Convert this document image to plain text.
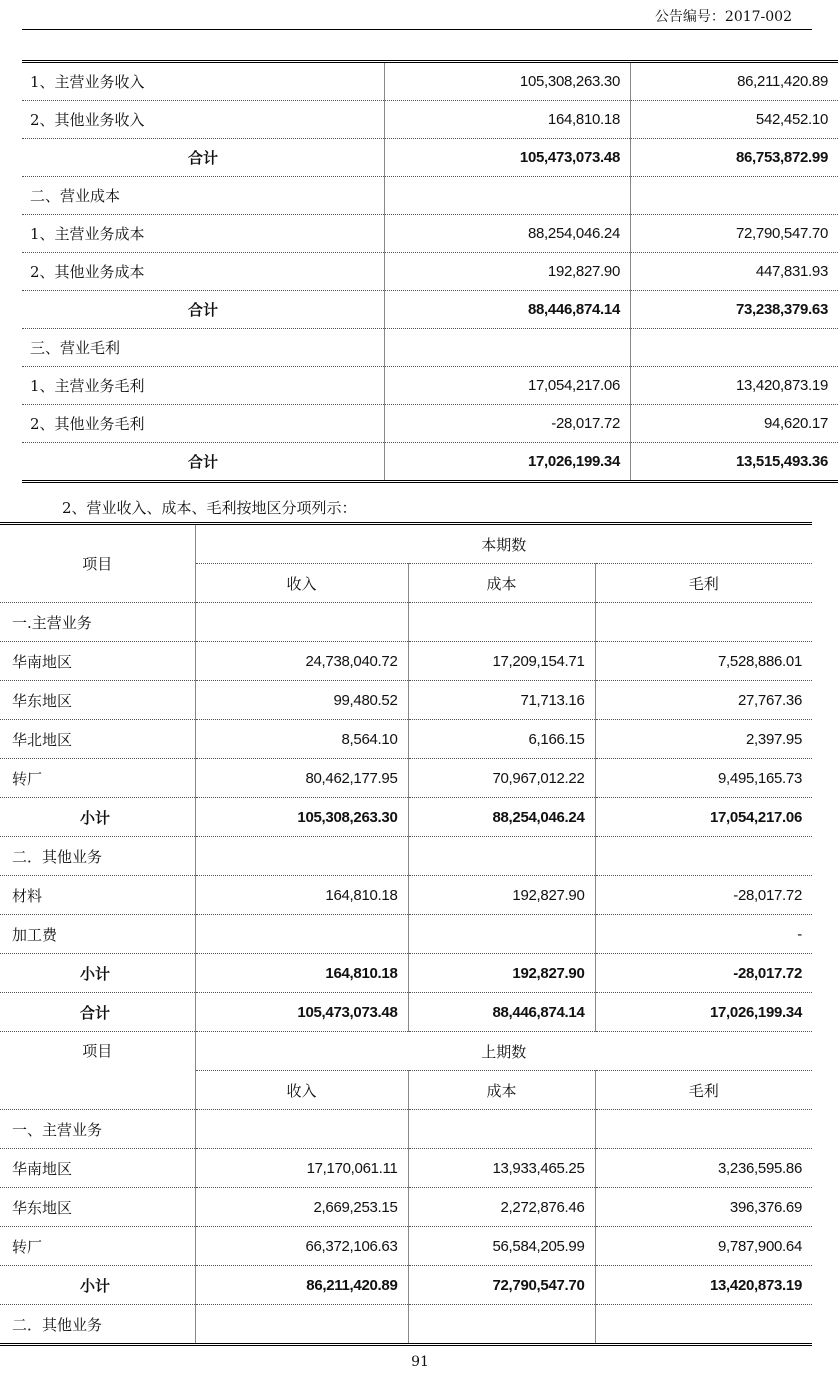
公告编号：2017-002
1、主营业务收入	105,308,263.30	86,211,420.89
2、其他业务收入	164,810.18	542,452.10
合计	105,473,073.48	86,753,872.99
二、营业成本		
1、主营业务成本	88,254,046.24	72,790,547.70
2、其他业务成本	192,827.90	447,831.93
合计	88,446,874.14	73,238,379.63
三、营业毛利		
1、主营业务毛利	17,054,217.06	13,420,873.19
2、其他业务毛利	-28,017.72	94,620.17
合计	17,026,199.34	13,515,493.36
2、营业收入、成本、毛利按地区分项列示：
项目	本期数		
	收入	成本	毛利
一.主营业务			
华南地区	24,738,040.72	17,209,154.71	7,528,886.01
华东地区	99,480.52	71,713.16	27,767.36
华北地区	8,564.10	6,166.15	2,397.95
转厂	80,462,177.95	70,967,012.22	9,495,165.73
小计	105,308,263.30	88,254,046.24	17,054,217.06
二．其他业务			
材料	164,810.18	192,827.90	-28,017.72
加工费			-
小计	164,810.18	192,827.90	-28,017.72
合计	105,473,073.48	88,446,874.14	17,026,199.34
项目	上期数		
	收入	成本	毛利
一、主营业务			
华南地区	17,170,061.11	13,933,465.25	3,236,595.86
华东地区	2,669,253.15	2,272,876.46	396,376.69
转厂	66,372,106.63	56,584,205.99	9,787,900.64
小计	86,211,420.89	72,790,547.70	13,420,873.19
二．其他业务			
91
